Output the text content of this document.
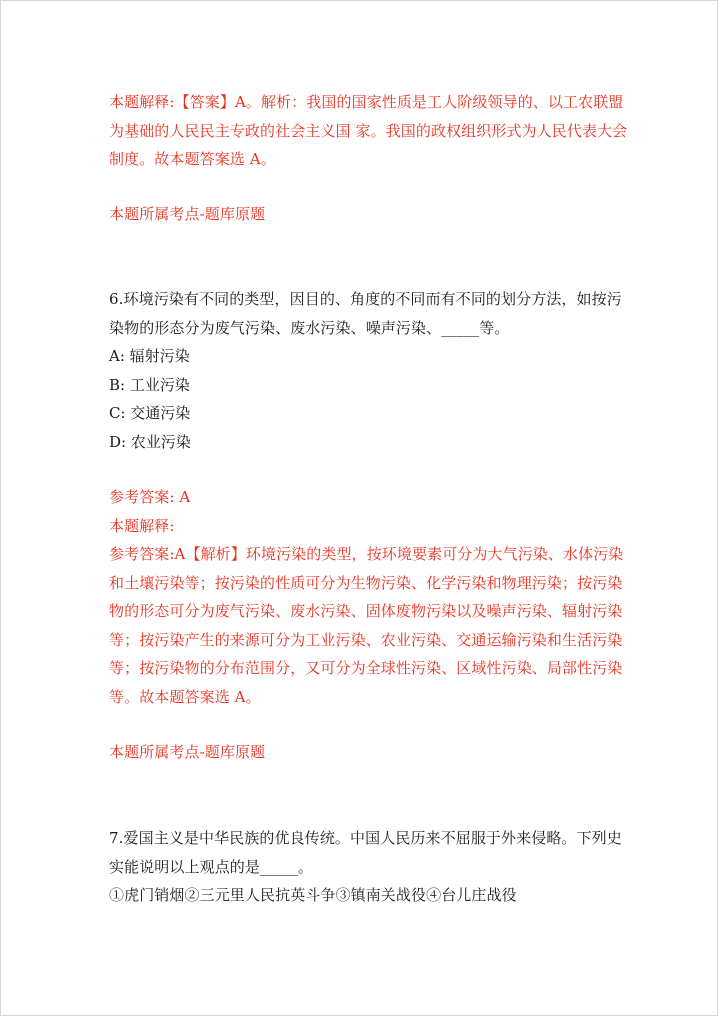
本题解释:【答案】A。解析：我国的国家性质是工人阶级领导的、以工农联盟
为基础的人民民主专政的社会主义国 家。我国的政权组织形式为人民代表大会
制度。故本题答案选 A。
本题所属考点-题库原题
6.环境污染有不同的类型，因目的、角度的不同而有不同的划分方法，如按污
染物的形态分为废气污染、废水污染、噪声污染、_____等。
A: 辐射污染
B: 工业污染
C: 交通污染
D: 农业污染
参考答案: A
本题解释:
参考答案:A【解析】环境污染的类型，按环境要素可分为大气污染、水体污染
和土壤污染等；按污染的性质可分为生物污染、化学污染和物理污染；按污染
物的形态可分为废气污染、废水污染、固体废物污染以及噪声污染、辐射污染
等；按污染产生的来源可分为工业污染、农业污染、交通运输污染和生活污染
等；按污染物的分布范围分，又可分为全球性污染、区域性污染、局部性污染
等。故本题答案选 A。
本题所属考点-题库原题
7.爱国主义是中华民族的优良传统。中国人民历来不屈服于外来侵略。下列史
实能说明以上观点的是_____。
①虎门销烟②三元里人民抗英斗争③镇南关战役④台儿庄战役
